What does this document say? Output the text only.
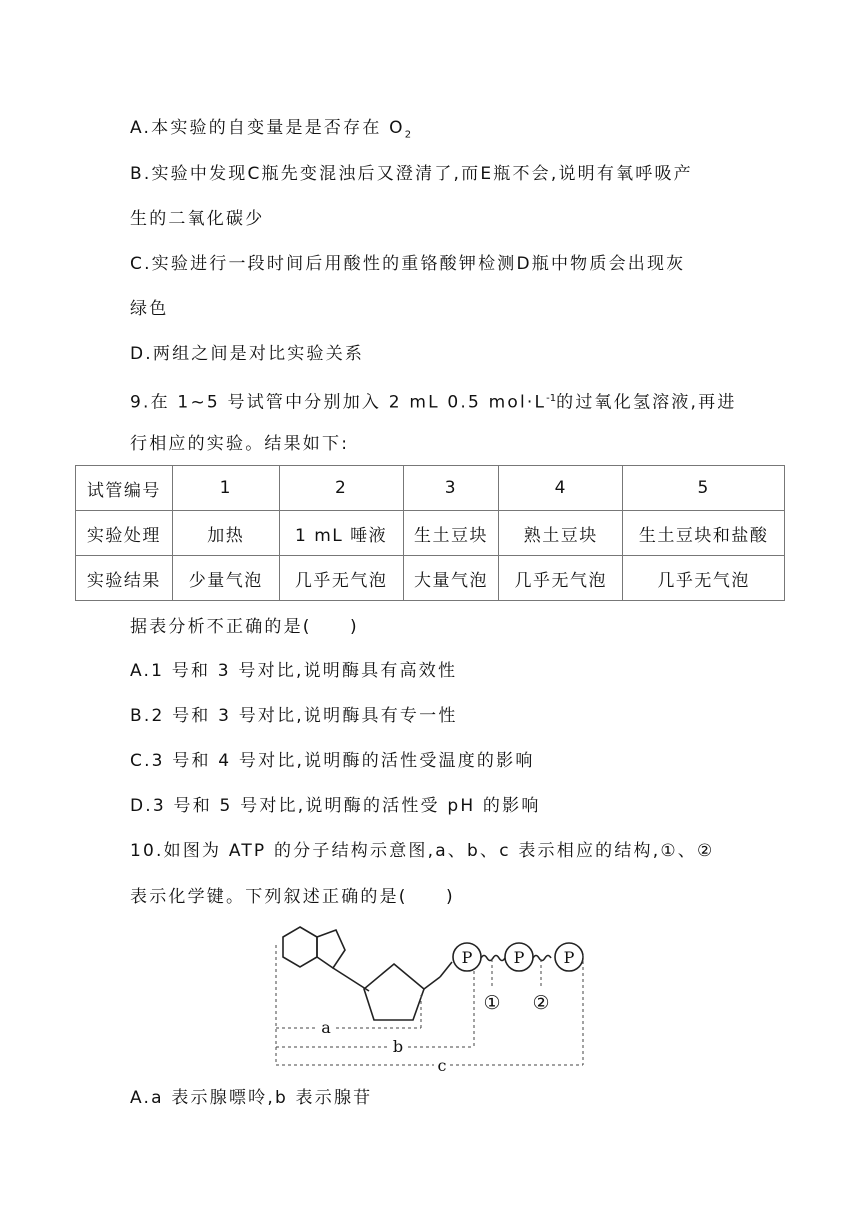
A.本实验的自变量是是否存在 $O_2$
B.实验中发现C瓶先变混浊后又澄清了,而E瓶不会,说明有氧呼吸产
生的二氧化碳少
C.实验进行一段时间后用酸性的重铬酸钾检测D瓶中物质会出现灰
绿色
D.两组之间是对比实验关系
9.在 1~5 号试管中分别加入 2 mL 0.5 $mol\cdot L^{-1}$的过氧化氢溶液,再进
行相应的实验。结果如下:
试管编号	1	2	3	4	5
实验处理	加热	1 mL 唾液	生土豆块	熟土豆块	生土豆块和盐酸
实验结果	少量气泡	几乎无气泡	大量气泡	几乎无气泡	几乎无气泡
据表分析不正确的是(　　)
A.1 号和 3 号对比,说明酶具有高效性
B.2 号和 3 号对比,说明酶具有专一性
C.3 号和 4 号对比,说明酶的活性受温度的影响
D.3 号和 5 号对比,说明酶的活性受 pH 的影响
10.如图为 ATP 的分子结构示意图,a、b、c 表示相应的结构,①、②
表示化学键。下列叙述正确的是(　　)
P	P P
① ②
a
b
c
A.a 表示腺嘌呤,b 表示腺苷
